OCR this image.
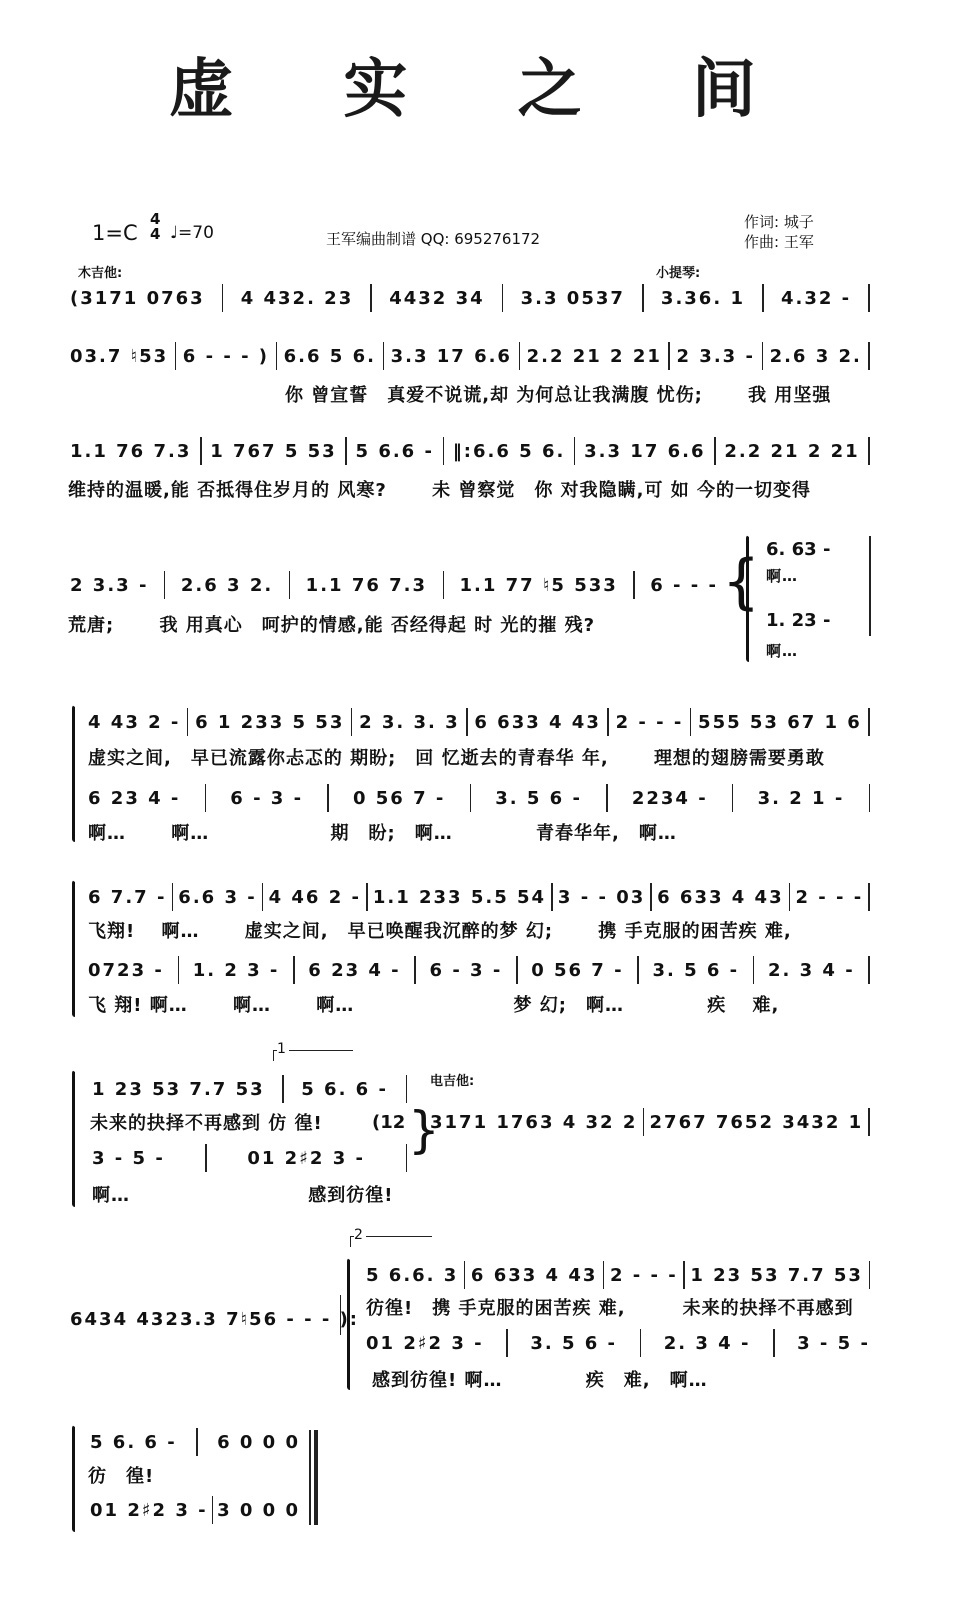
虚 实 之 间
1=C
4
4 ♩=70	王军编曲制谱 QQ: 695276172
作词: 城子
作曲: 王军
木吉他:	小提琴:
(3171 0763 4 432. 23 4432 34 3.3 0537 3.36. 1 4.32 -
03.7 ♮53 6 - - - ) 6.6 5 6. 3.3 17 6.6 2.2 21 2 21 2 3.3 - 2.6 3 2.
你 曾宣誓　真爱不说谎,却 为何总让我满腹 忧伤;　　 我 用坚强
1.1 76 7.3 1 767 5 53 5 6.6 - ‖:6.6 5 6. 3.3 17 6.6 2.2 21 2 21
维持的温暖,能 否抵得住岁月的 风寒?　　 未 曾察觉　你 对我隐瞒,可 如 今的一切变得
2 3.3 - 2.6 3 2. 1.1 76 7.3 1.1 77 ♮5 533 6 - - -
荒唐;　　 我 用真心　呵护的情感,能 否经得起 时 光的摧 残?
{ 6. 63 -
啊…
1. 23 -
啊…
4 43 2 - 6 1 233 5 53 2 3. 3. 3 6 633 4 43 2 - - - 555 53 67 1 6
虚实之间,　早已流露你忐忑的 期盼;　回 忆逝去的青春华 年,　　 理想的翅膀需要勇敢
6 23 4 -	6 - 3 -	0 56 7 -	3. 5 6 -	2234 -	3. 2 1 -
啊…　　 啊…　　　　　　 期　盼;　啊…　　　　 青春华年,　啊…
6 7.7 - 6.6 3 - 4 46 2 - 1.1 233 5.5 54 3 - - 03 6 633 4 43 2 - - -
飞翔!　 啊…　　 虚实之间,　早已唤醒我沉醉的梦 幻;　　 携 手克服的困苦疾 难,
0723 - 1. 2 3 - 6 23 4 - 6 - 3 - 0 56 7 - 3. 5 6 - 2. 3 4 -
飞 翔! 啊…　　 啊…　　 啊…　　　　　　　　 梦 幻;　啊…　　　　 疾　 难,
1
1 23 53 7.7 53 5 6. 6 -
未来的抉择不再感到 仿 徨!	(12
3 - 5 -	01 2♯2 3 -
啊…　　　　　　　　　 感到彷徨!
}
电吉他:
3171 1763 4 32 2 2767 7652 3432 1
6434 4323.3 7♮5 6 - - - ):
2
5 6.6. 3 6 633 4 43 2 - - - 1 23 53 7.7 53
彷徨!　携 手克服的困苦疾 难,　　　未来的抉择不再感到
01 2♯2 3 -	3. 5 6 -	2. 3 4 -	3 - 5 -
感到彷徨! 啊…　　　　 疾　难,　啊…
5 6. 6 - 6 0 0 0
彷　徨!
01 2♯2 3 - 3 0 0 0
